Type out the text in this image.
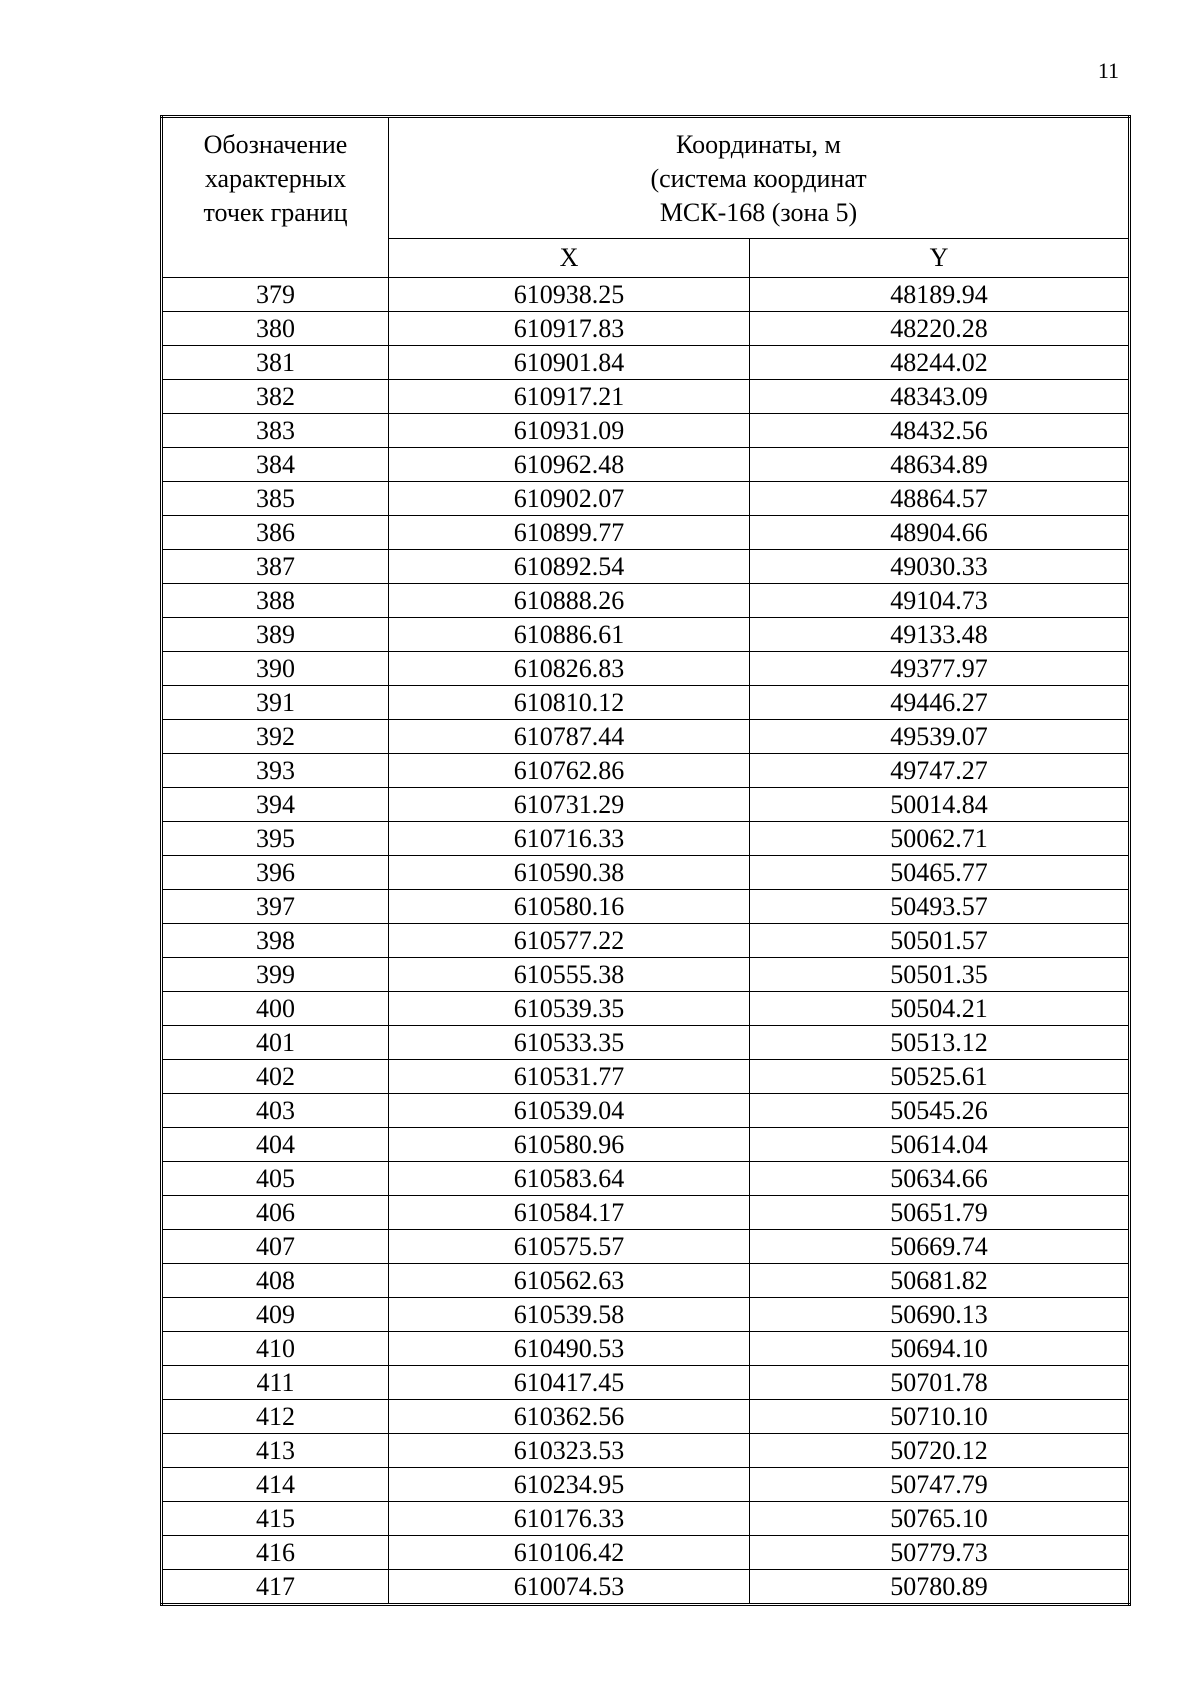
11
Обозначение
характерных
точек границ	Координаты, м
(система координат
МСК-168 (зона 5)	

	X	Y
379	610938.25	48189.94
380	610917.83	48220.28
381	610901.84	48244.02
382	610917.21	48343.09
383	610931.09	48432.56
384	610962.48	48634.89
385	610902.07	48864.57
386	610899.77	48904.66
387	610892.54	49030.33
388	610888.26	49104.73
389	610886.61	49133.48
390	610826.83	49377.97
391	610810.12	49446.27
392	610787.44	49539.07
393	610762.86	49747.27
394	610731.29	50014.84
395	610716.33	50062.71
396	610590.38	50465.77
397	610580.16	50493.57
398	610577.22	50501.57
399	610555.38	50501.35
400	610539.35	50504.21
401	610533.35	50513.12
402	610531.77	50525.61
403	610539.04	50545.26
404	610580.96	50614.04
405	610583.64	50634.66
406	610584.17	50651.79
407	610575.57	50669.74
408	610562.63	50681.82
409	610539.58	50690.13
410	610490.53	50694.10
411	610417.45	50701.78
412	610362.56	50710.10
413	610323.53	50720.12
414	610234.95	50747.79
415	610176.33	50765.10
416	610106.42	50779.73
417	610074.53	50780.89
